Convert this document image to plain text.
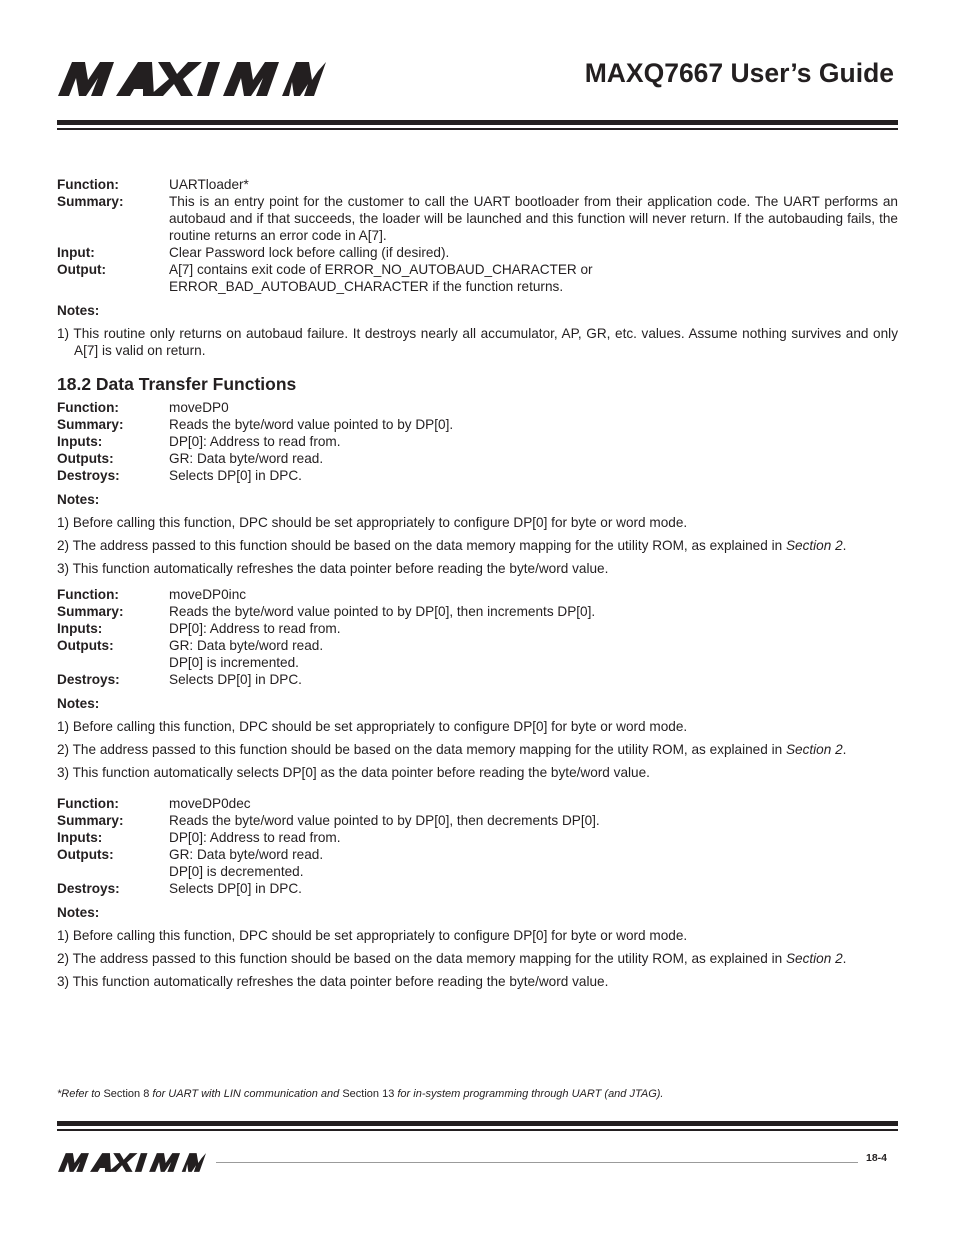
MAXQ7667 User’s Guide
Function:	UARTloader*
Summary:	This is an entry point for the customer to call the UART bootloader from their application code. The UART performs an autobaud and if that succeeds, the loader will be launched and this function will never return. If the autobauding fails, the routine returns an error code in A[7].
Input:	Clear Password lock before calling (if desired).
Output:	A[7] contains exit code of ERROR_NO_AUTOBAUD_CHARACTER or
ERROR_BAD_AUTOBAUD_CHARACTER if the function returns.
Notes:
1) This routine only returns on autobaud failure. It destroys nearly all accumulator, AP, GR, etc. values. Assume nothing survives and only A[7] is valid on return.
18.2 Data Transfer Functions
Function:	moveDP0
Summary:	Reads the byte/word value pointed to by DP[0].
Inputs:	DP[0]: Address to read from.
Outputs:	GR: Data byte/word read.
Destroys:	Selects DP[0] in DPC.
Notes:
1) Before calling this function, DPC should be set appropriately to configure DP[0] for byte or word mode.
2) The address passed to this function should be based on the data memory mapping for the utility ROM, as explained in Section 2.
3) This function automatically refreshes the data pointer before reading the byte/word value.
Function:	moveDP0inc
Summary:	Reads the byte/word value pointed to by DP[0], then increments DP[0].
Inputs:	DP[0]: Address to read from.
Outputs:	GR: Data byte/word read.
DP[0] is incremented.
Destroys:	Selects DP[0] in DPC.
Notes:
1) Before calling this function, DPC should be set appropriately to configure DP[0] for byte or word mode.
2) The address passed to this function should be based on the data memory mapping for the utility ROM, as explained in Section 2.
3) This function automatically selects DP[0] as the data pointer before reading the byte/word value.
Function:	moveDP0dec
Summary:	Reads the byte/word value pointed to by DP[0], then decrements DP[0].
Inputs:	DP[0]: Address to read from.
Outputs:	GR: Data byte/word read.
DP[0] is decremented.
Destroys:	Selects DP[0] in DPC.
Notes:
1) Before calling this function, DPC should be set appropriately to configure DP[0] for byte or word mode.
2) The address passed to this function should be based on the data memory mapping for the utility ROM, as explained in Section 2.
3) This function automatically refreshes the data pointer before reading the byte/word value.
*Refer to Section 8 for UART with LIN communication and Section 13 for in-system programming through UART (and JTAG).
18-4
